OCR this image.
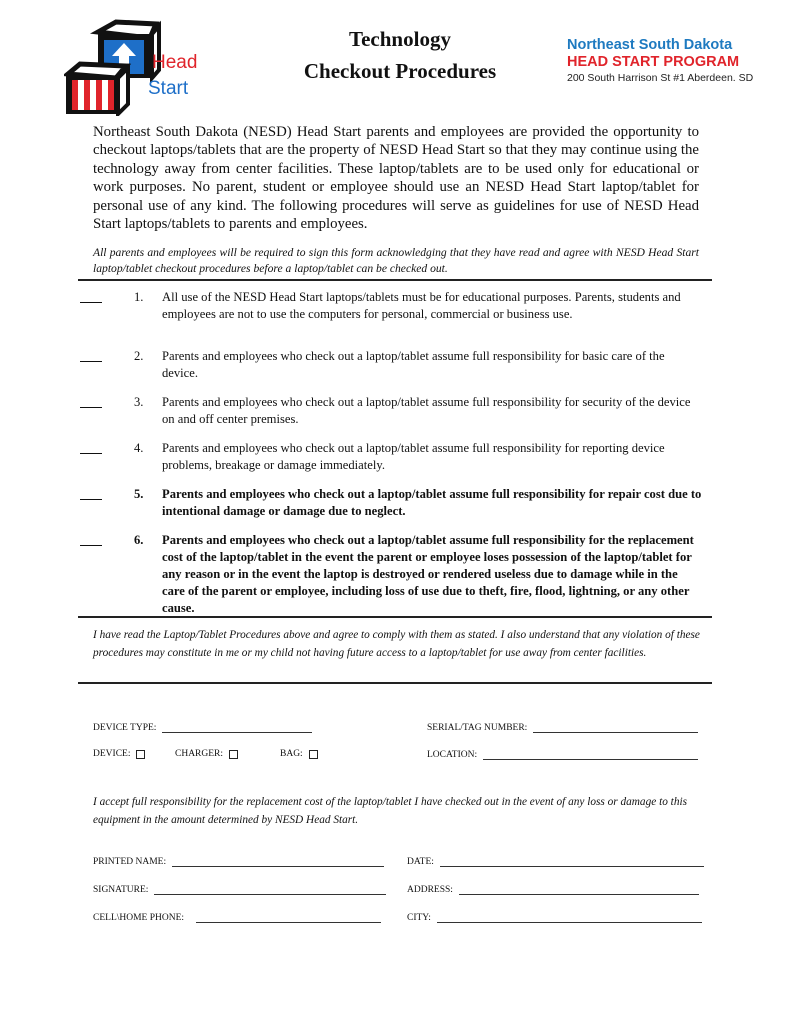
Head
Start
Technology
Checkout Procedures
Northeast South Dakota
HEAD START PROGRAM
200 South Harrison St #1 Aberdeen. SD
Northeast South Dakota (NESD) Head Start parents and employees are provided the opportunity to checkout laptops/tablets that are the property of NESD Head Start so that they may continue using the technology away from center facilities. These laptop/tablets are to be used only for educational or work purposes. No parent, student or employee should use an NESD Head Start laptop/tablet for personal use of any kind. The following procedures will serve as guidelines for use of NESD Head Start laptops/tablets to parents and employees.
All parents and employees will be required to sign this form acknowledging that they have read and agree with NESD Head Start laptop/tablet checkout procedures before a laptop/tablet can be checked out.
1. All use of the NESD Head Start laptops/tablets must be for educational purposes. Parents, students and employees are not to use the computers for personal, commercial or business use.
2. Parents and employees who check out a laptop/tablet assume full responsibility for basic care of the device.
3. Parents and employees who check out a laptop/tablet assume full responsibility for security of the device on and off center premises.
4. Parents and employees who check out a laptop/tablet assume full responsibility for reporting device problems, breakage or damage immediately.
5. Parents and employees who check out a laptop/tablet assume full responsibility for repair cost due to intentional damage or damage due to neglect.
6. Parents and employees who check out a laptop/tablet assume full responsibility for the replacement cost of the laptop/tablet in the event the parent or employee loses possession of the laptop/tablet for any reason or in the event the laptop is destroyed or rendered useless due to damage while in the care of the parent or employee, including loss of use due to theft, fire, flood, lightning, or any other cause.
I have read the Laptop/Tablet Procedures above and agree to comply with them as stated. I also understand that any violation of these procedures may constitute in me or my child not having future access to a laptop/tablet for use away from center facilities.
DEVICE TYPE:	SERIAL/TAG NUMBER:
DEVICE:	CHARGER:	BAG:	LOCATION:
I accept full responsibility for the replacement cost of the laptop/tablet I have checked out in the event of any loss or damage to this equipment in the amount determined by NESD Head Start.
PRINTED NAME:	DATE:
SIGNATURE:	ADDRESS:
CELL\HOME PHONE:	CITY:
